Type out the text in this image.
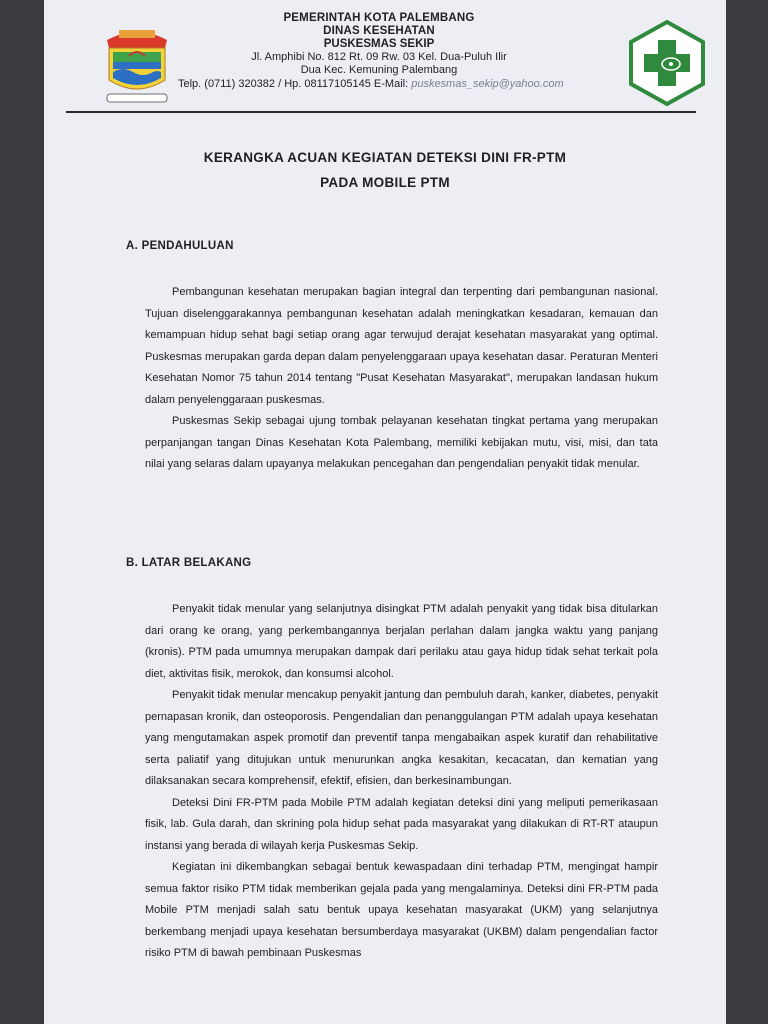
PEMERINTAH KOTA PALEMBANG
DINAS KESEHATAN
PUSKESMAS SEKIP
Jl. Amphibi No. 812 Rt. 09 Rw. 03 Kel. Dua-Puluh Ilir
Dua Kec. Kemuning Palembang
Telp. (0711) 320382 / Hp. 08117105145 E-Mail: puskesmas_sekip@yahoo.com
KERANGKA ACUAN KEGIATAN DETEKSI DINI FR-PTM
PADA MOBILE PTM
A. PENDAHULUAN

Pembangunan kesehatan merupakan bagian integral dan terpenting dari pembangunan nasional. Tujuan diselenggarakannya pembangunan kesehatan adalah meningkatkan kesadaran, kemauan dan kemampuan hidup sehat bagi setiap orang agar terwujud derajat kesehatan masyarakat yang optimal. Puskesmas merupakan garda depan dalam penyelenggaraan upaya kesehatan dasar. Peraturan Menteri Kesehatan Nomor 75 tahun 2014 tentang "Pusat Kesehatan Masyarakat", merupakan landasan hukum dalam penyelenggaraan puskesmas.

Puskesmas Sekip sebagai ujung tombak pelayanan kesehatan tingkat pertama yang merupakan perpanjangan tangan Dinas Kesehatan Kota Palembang, memiliki kebijakan mutu, visi, misi, dan tata nilai yang selaras dalam upayanya melakukan pencegahan dan pengendalian penyakit tidak menular.

B. LATAR BELAKANG

Penyakit tidak menular yang selanjutnya disingkat PTM adalah penyakit yang tidak bisa ditularkan dari orang ke orang, yang perkembangannya berjalan perlahan dalam jangka waktu yang panjang (kronis). PTM pada umumnya merupakan dampak dari perilaku atau gaya hidup tidak sehat terkait pola diet, aktivitas fisik, merokok, dan konsumsi alcohol.

Penyakit tidak menular mencakup penyakit jantung dan pembuluh darah, kanker, diabetes, penyakit pernapasan kronik, dan osteoporosis. Pengendalian dan penanggulangan PTM adalah upaya kesehatan yang mengutamakan aspek promotif dan preventif tanpa mengabaikan aspek kuratif dan rehabilitative serta paliatif yang ditujukan untuk menurunkan angka kesakitan, kecacatan, dan kematian yang dilaksanakan secara komprehensif, efektif, efisien, dan berkesinambungan.

Deteksi Dini FR-PTM pada Mobile PTM adalah kegiatan deteksi dini yang meliputi pemerikasaan fisik, lab. Gula darah, dan skrining pola hidup sehat pada masyarakat yang dilakukan di RT-RT ataupun instansi yang berada di wilayah kerja Puskesmas Sekip.

Kegiatan ini dikembangkan sebagai bentuk kewaspadaan dini terhadap PTM, mengingat hampir semua faktor risiko PTM tidak memberikan gejala pada yang mengalaminya. Deteksi dini FR-PTM pada Mobile PTM menjadi salah satu bentuk upaya kesehatan masyarakat (UKM) yang selanjutnya berkembang menjadi upaya kesehatan bersumberdaya masyarakat (UKBM) dalam pengendalian factor risiko PTM di bawah pembinaan Puskesmas
